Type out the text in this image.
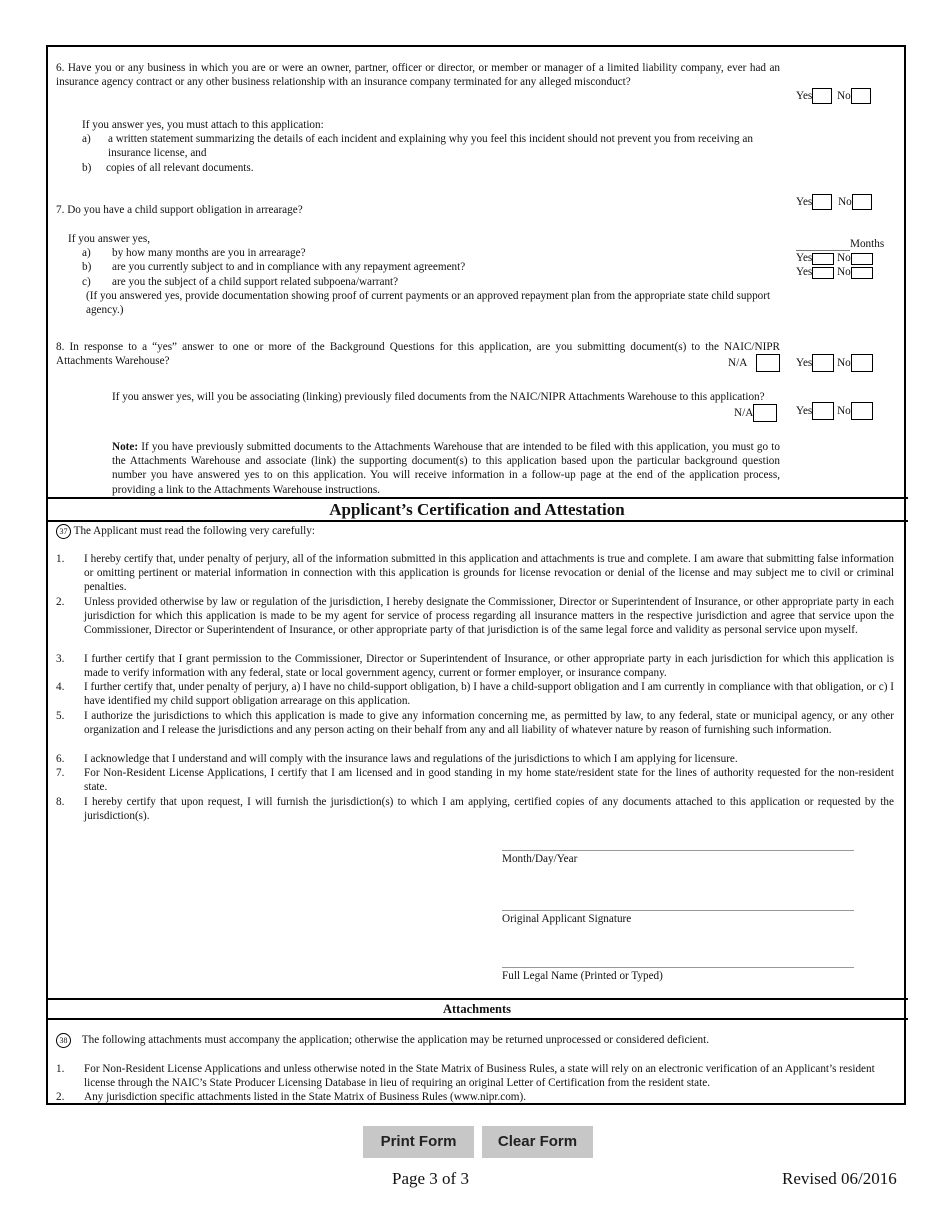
6. Have you or any business in which you are or were an owner, partner, officer or director, or member or manager of a limited liability company, ever had an insurance agency contract or any other business relationship with an insurance company terminated for any alleged misconduct?
Yes No
If you answer yes, you must attach to this application:
a) a written statement summarizing the details of each incident and explaining why you feel this incident should not prevent you from receiving an insurance license, and
b) copies of all relevant documents.
7. Do you have a child support obligation in arrearage?
Yes No
If you answer yes,
a) by how many months are you in arrearage?
b) are you currently subject to and in compliance with any repayment agreement?
c) are you the subject of a child support related subpoena/warrant?
(If you answered yes, provide documentation showing proof of current payments or an approved repayment plan from the appropriate state child support agency.)
Months
Yes No
Yes No
8. In response to a “yes” answer to one or more of the Background Questions for this application, are you submitting document(s) to the NAIC/NIPR Attachments Warehouse?	N/A	Yes No
If you answer yes, will you be associating (linking) previously filed documents from the NAIC/NIPR Attachments Warehouse to this application?
N/A	Yes No
Note: If you have previously submitted documents to the Attachments Warehouse that are intended to be filed with this application, you must go to the Attachments Warehouse and associate (link) the supporting document(s) to this application based upon the particular background question number you have answered yes to on this application. You will receive information in a follow-up page at the end of the application process, providing a link to the Attachments Warehouse instructions.
Applicant’s Certification and Attestation
37 The Applicant must read the following very carefully:
1. I hereby certify that, under penalty of perjury, all of the information submitted in this application and attachments is true and complete. I am aware that submitting false information or omitting pertinent or material information in connection with this application is grounds for license revocation or denial of the license and may subject me to civil or criminal penalties.
2. Unless provided otherwise by law or regulation of the jurisdiction, I hereby designate the Commissioner, Director or Superintendent of Insurance, or other appropriate party in each jurisdiction for which this application is made to be my agent for service of process regarding all insurance matters in the respective jurisdiction and agree that service upon the Commissioner, Director or Superintendent of Insurance, or other appropriate party of that jurisdiction is of the same legal force and validity as personal service upon myself.
3. I further certify that I grant permission to the Commissioner, Director or Superintendent of Insurance, or other appropriate party in each jurisdiction for which this application is made to verify information with any federal, state or local government agency, current or former employer, or insurance company.
4. I further certify that, under penalty of perjury, a) I have no child-support obligation, b) I have a child-support obligation and I am currently in compliance with that obligation, or c) I have identified my child support obligation arrearage on this application.
5. I authorize the jurisdictions to which this application is made to give any information concerning me, as permitted by law, to any federal, state or municipal agency, or any other organization and I release the jurisdictions and any person acting on their behalf from any and all liability of whatever nature by reason of furnishing such information.
6. I acknowledge that I understand and will comply with the insurance laws and regulations of the jurisdictions to which I am applying for licensure.
7. For Non-Resident License Applications, I certify that I am licensed and in good standing in my home state/resident state for the lines of authority requested for the non-resident state.
8. I hereby certify that upon request, I will furnish the jurisdiction(s) to which I am applying, certified copies of any documents attached to this application or requested by the jurisdiction(s).
Month/Day/Year
Original Applicant Signature
Full Legal Name (Printed or Typed)
Attachments
38 The following attachments must accompany the application; otherwise the application may be returned unprocessed or considered deficient.
1. For Non-Resident License Applications and unless otherwise noted in the State Matrix of Business Rules, a state will rely on an electronic verification of an Applicant’s resident license through the NAIC’s State Producer Licensing Database in lieu of requiring an original Letter of Certification from the resident state.
2. Any jurisdiction specific attachments listed in the State Matrix of Business Rules (www.nipr.com).
Print Form	Clear Form
Page 3 of 3	Revised 06/2016
